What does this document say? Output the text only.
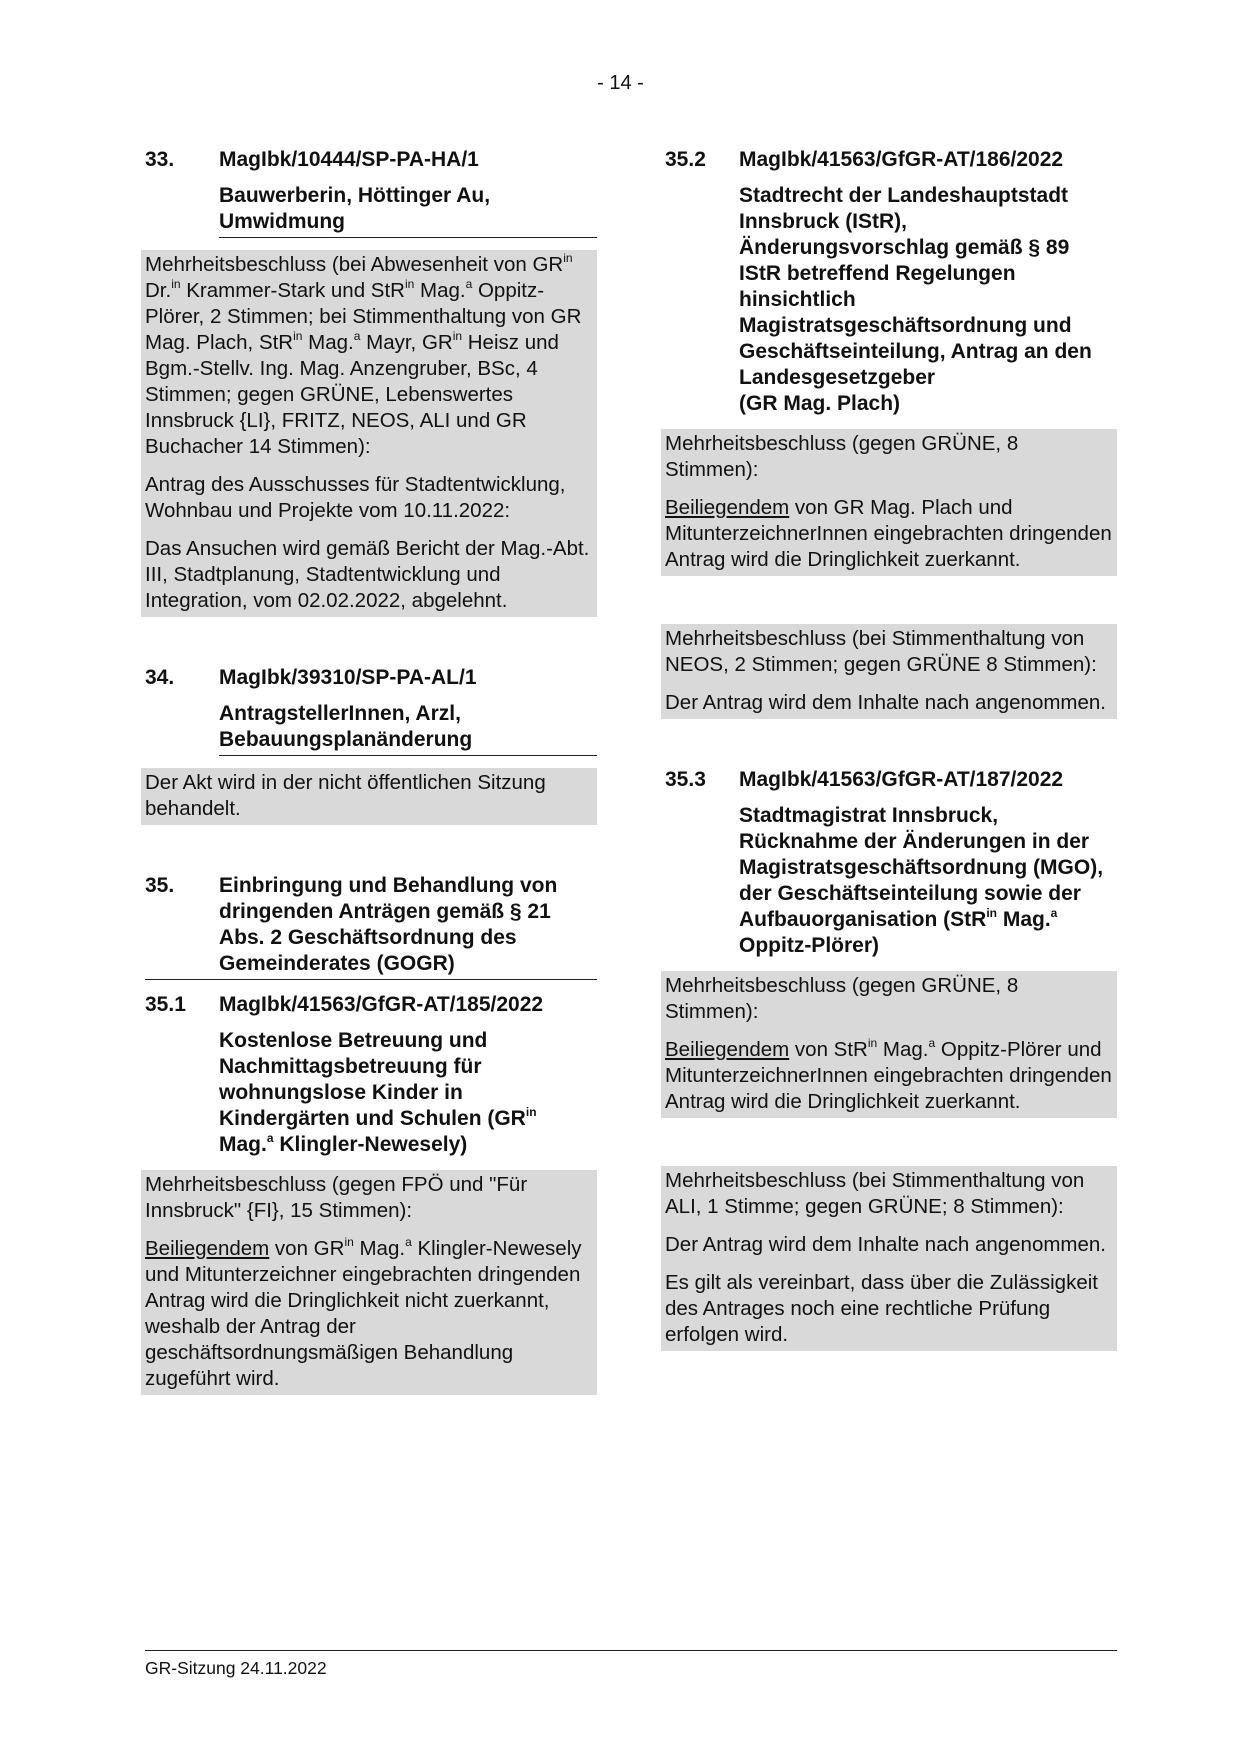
- 14 -
33.	MagIbk/10444/SP-PA-HA/1
Bauwerberin, Höttinger Au, Umwidmung

Mehrheitsbeschluss (bei Abwesenheit von $GR^{in}$ Dr.$^{in}$ Krammer-Stark und StR$^{in}$ Mag.$^a$ Oppitz-Plörer, 2 Stimmen; bei Stimmenthaltung von GR Mag. Plach, StR$^{in}$ Mag.$^a$ Mayr, $GR^{in}$ Heisz und Bgm.-Stellv. Ing. Mag. Anzengruber, BSc, 4 Stimmen; gegen GRÜNE, Lebenswertes Innsbruck {LI}, FRITZ, NEOS, ALI und GR Buchacher 14 Stimmen):

Antrag des Ausschusses für Stadtentwicklung, Wohnbau und Projekte vom 10.11.2022:

Das Ansuchen wird gemäß Bericht der Mag.-Abt. III, Stadtplanung, Stadtentwicklung und Integration, vom 02.02.2022, abgelehnt.

34.	MagIbk/39310/SP-PA-AL/1
AntragstellerInnen, Arzl, Bebauungsplanänderung

Der Akt wird in der nicht öffentlichen Sitzung behandelt.

35.	Einbringung und Behandlung von dringenden Anträgen gemäß § 21 Abs. 2 Geschäftsordnung des Gemeinderates (GOGR)
35.1	MagIbk/41563/GfGR-AT/185/2022
Kostenlose Betreuung und Nachmittagsbetreuung für wohnungslose Kinder in Kindergärten und Schulen ($GR^{in}$ Mag.$^a$ Klingler-Newesely)

Mehrheitsbeschluss (gegen FPÖ und "Für Innsbruck" {FI}, 15 Stimmen):

Beiliegendem von $GR^{in}$ Mag.$^a$ Klingler-Newesely und Mitunterzeichner eingebrachten dringenden Antrag wird die Dringlichkeit nicht zuerkannt, weshalb der Antrag der geschäftsordnungsmäßigen Behandlung zugeführt wird.

35.2	MagIbk/41563/GfGR-AT/186/2022
Stadtrecht der Landeshauptstadt Innsbruck (IStR), Änderungsvorschlag gemäß § 89 IStR betreffend Regelungen hinsichtlich Magistratsgeschäftsordnung und Geschäftseinteilung, Antrag an den Landesgesetzgeber
(GR Mag. Plach)

Mehrheitsbeschluss (gegen GRÜNE, 8 Stimmen):

Beiliegendem von GR Mag. Plach und MitunterzeichnerInnen eingebrachten dringenden Antrag wird die Dringlichkeit zuerkannt.

Mehrheitsbeschluss (bei Stimmenthaltung von NEOS, 2 Stimmen; gegen GRÜNE 8 Stimmen):

Der Antrag wird dem Inhalte nach angenommen.

35.3	MagIbk/41563/GfGR-AT/187/2022
Stadtmagistrat Innsbruck, Rücknahme der Änderungen in der Magistratsgeschäftsordnung (MGO), der Geschäftseinteilung sowie der Aufbauorganisation (StR$^{in}$ Mag.$^a$ Oppitz-Plörer)

Mehrheitsbeschluss (gegen GRÜNE, 8 Stimmen):

Beiliegendem von StR$^{in}$ Mag.$^a$ Oppitz-Plörer und MitunterzeichnerInnen eingebrachten dringenden Antrag wird die Dringlichkeit zuerkannt.

Mehrheitsbeschluss (bei Stimmenthaltung von ALI, 1 Stimme; gegen GRÜNE; 8 Stimmen):

Der Antrag wird dem Inhalte nach angenommen.

Es gilt als vereinbart, dass über die Zulässigkeit des Antrages noch eine rechtliche Prüfung erfolgen wird.

GR-Sitzung 24.11.2022
